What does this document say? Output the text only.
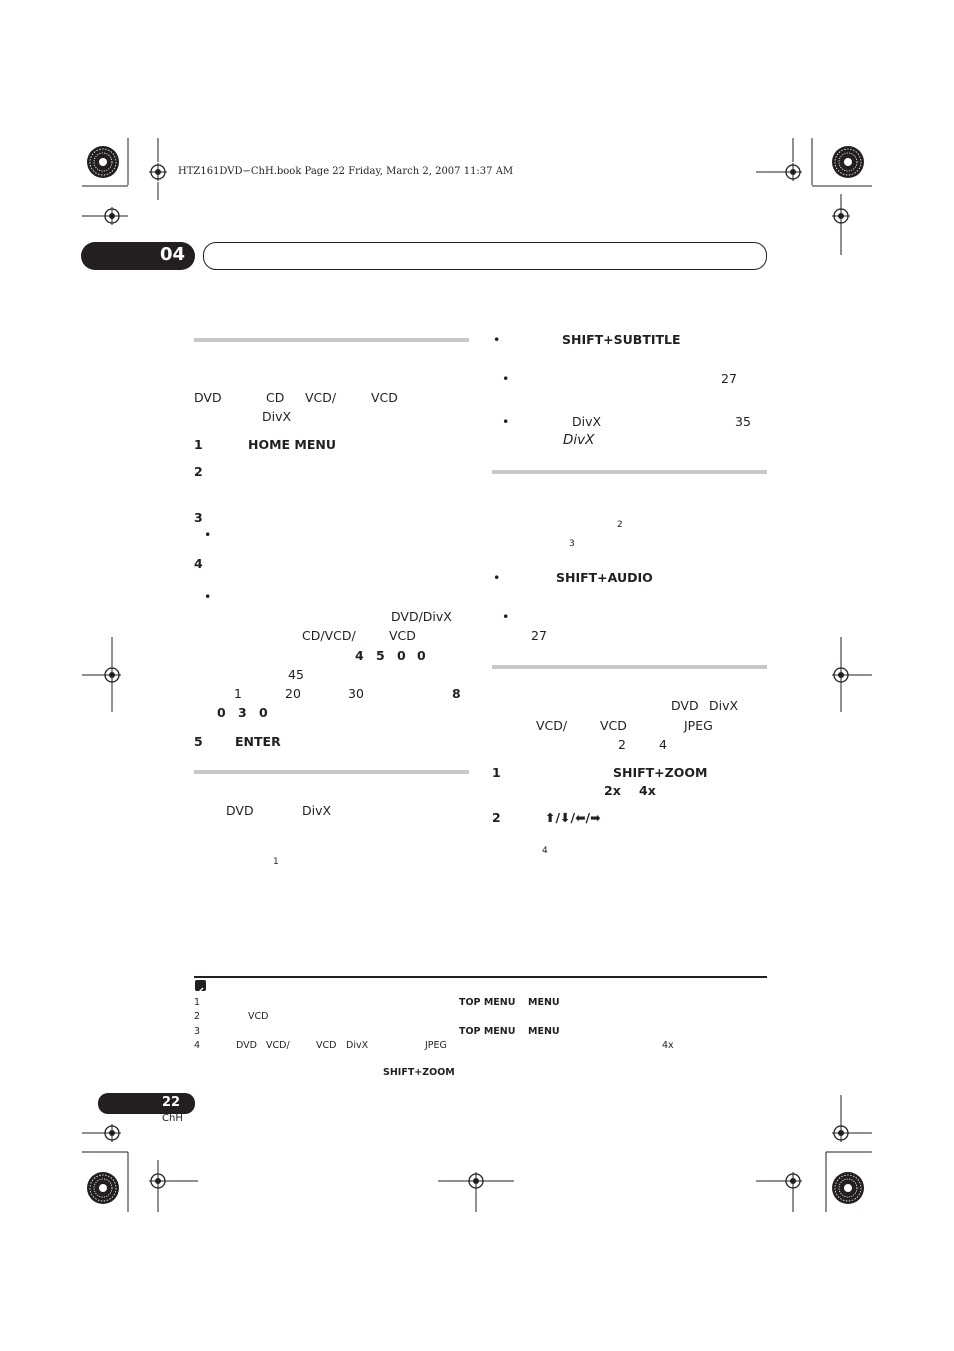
HTZ161DVD−ChH.book Page 22 Friday, March 2, 2007 11:37 AM
04
DVD	CD VCD/	VCD
DivX
1	HOME MENU
2
3
•
4
•
DVD/DivX
CD/VCD/	VCD
4 5 0 0
45
1	20	30	8
0 3 0
5	ENTER
DVD	DivX
1
•	SHIFT+SUBTITLE
•	27
•	DivX	35
DivX
2
3
•	SHIFT+AUDIO
•
27
DVD DivX
VCD/	VCD	JPEG
2	4
1	SHIFT+ZOOM
2x 4x
2	⬆/⬇/⬅/➡
4
1	TOP MENU MENU
2	VCD
3	TOP MENU MENU
4	DVD VCD/	VCD DivX	JPEG	4x
SHIFT+ZOOM
22
ChH
